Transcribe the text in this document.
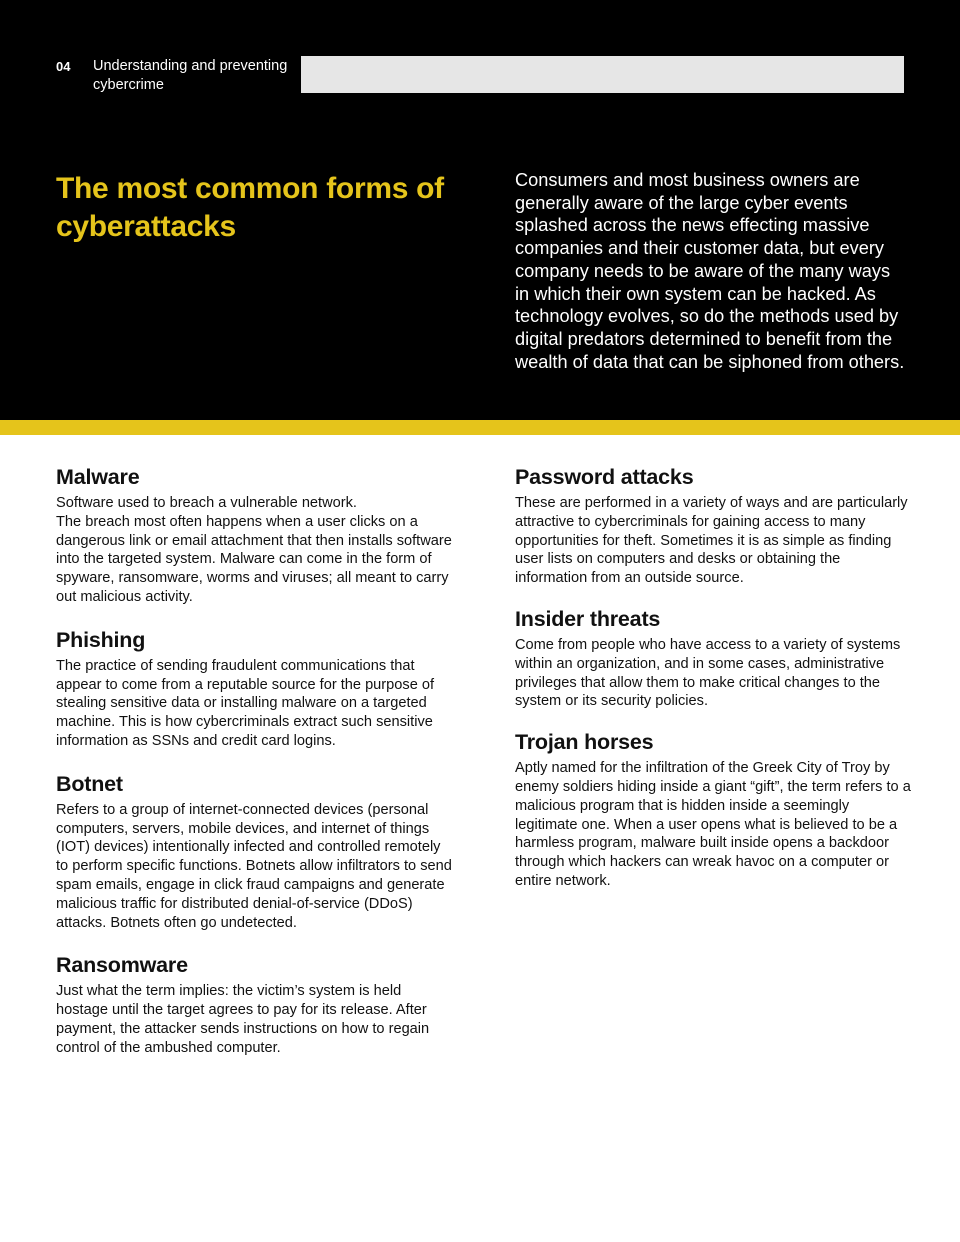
04 Understanding and preventing cybercrime
The most common forms of cyberattacks

Consumers and most business owners are generally aware of the large cyber events splashed across the news effecting massive companies and their customer data, but every company needs to be aware of the many ways in which their own system can be hacked. As technology evolves, so do the methods used by digital predators determined to benefit from the wealth of data that can be siphoned from others.

Malware

Software used to breach a vulnerable network.
The breach most often happens when a user clicks on a dangerous link or email attachment that then installs software into the targeted system. Malware can come in the form of spyware, ransomware, worms and viruses; all meant to carry out malicious activity.

Phishing

The practice of sending fraudulent communications that appear to come from a reputable source for the purpose of stealing sensitive data or installing malware on a targeted machine. This is how cybercriminals extract such sensitive information as SSNs and credit card logins.

Botnet

Refers to a group of internet-connected devices (personal computers, servers, mobile devices, and internet of things (IOT) devices) intentionally infected and controlled remotely to perform specific functions. Botnets allow infiltrators to send spam emails, engage in click fraud campaigns and generate malicious traffic for distributed denial-of-service (DDoS) attacks. Botnets often go undetected.

Ransomware

Just what the term implies: the victim’s system is held hostage until the target agrees to pay for its release. After payment, the attacker sends instructions on how to regain control of the ambushed computer.

Password attacks

These are performed in a variety of ways and are particularly attractive to cybercriminals for gaining access to many opportunities for theft. Sometimes it is as simple as finding user lists on computers and desks or obtaining the information from an outside source.

Insider threats

Come from people who have access to a variety of systems within an organization, and in some cases, administrative privileges that allow them to make critical changes to the system or its security policies.

Trojan horses

Aptly named for the infiltration of the Greek City of Troy by enemy soldiers hiding inside a giant “gift”, the term refers to a malicious program that is hidden inside a seemingly legitimate one. When a user opens what is believed to be a harmless program, malware built inside opens a backdoor through which hackers can wreak havoc on a computer or entire network.
